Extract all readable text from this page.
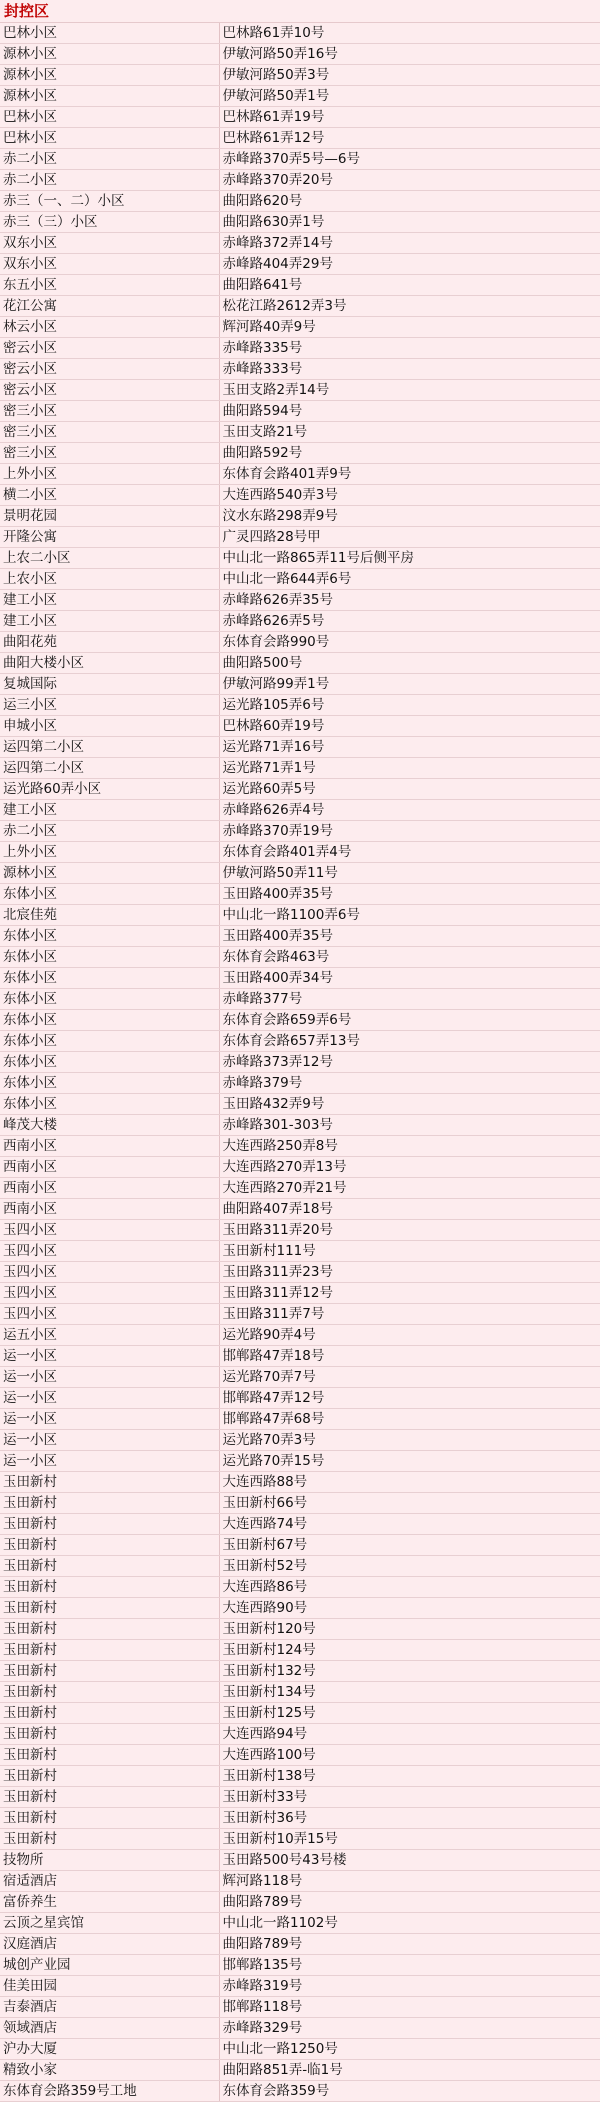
封控区
巴林小区	巴林路61弄10号
源林小区	伊敏河路50弄16号
源林小区	伊敏河路50弄3号
源林小区	伊敏河路50弄1号
巴林小区	巴林路61弄19号
巴林小区	巴林路61弄12号
赤二小区	赤峰路370弄5号—6号
赤二小区	赤峰路370弄20号
赤三（一、二）小区	曲阳路620号
赤三（三）小区	曲阳路630弄1号
双东小区	赤峰路372弄14号
双东小区	赤峰路404弄29号
东五小区	曲阳路641号
花江公寓	松花江路2612弄3号
林云小区	辉河路40弄9号
密云小区	赤峰路335号
密云小区	赤峰路333号
密云小区	玉田支路2弄14号
密三小区	曲阳路594号
密三小区	玉田支路21号
密三小区	曲阳路592号
上外小区	东体育会路401弄9号
横二小区	大连西路540弄3号
景明花园	汶水东路298弄9号
开隆公寓	广灵四路28号甲
上农二小区	中山北一路865弄11号后侧平房
上农小区	中山北一路644弄6号
建工小区	赤峰路626弄35号
建工小区	赤峰路626弄5号
曲阳花苑	东体育会路990号
曲阳大楼小区	曲阳路500号
复城国际	伊敏河路99弄1号
运三小区	运光路105弄6号
申城小区	巴林路60弄19号
运四第二小区	运光路71弄16号
运四第二小区	运光路71弄1号
运光路60弄小区	运光路60弄5号
建工小区	赤峰路626弄4号
赤二小区	赤峰路370弄19号
上外小区	东体育会路401弄4号
源林小区	伊敏河路50弄11号
东体小区	玉田路400弄35号
北宸佳苑	中山北一路1100弄6号
东体小区	玉田路400弄35号
东体小区	东体育会路463号
东体小区	玉田路400弄34号
东体小区	赤峰路377号
东体小区	东体育会路659弄6号
东体小区	东体育会路657弄13号
东体小区	赤峰路373弄12号
东体小区	赤峰路379号
东体小区	玉田路432弄9号
峰茂大楼	赤峰路301-303号
西南小区	大连西路250弄8号
西南小区	大连西路270弄13号
西南小区	大连西路270弄21号
西南小区	曲阳路407弄18号
玉四小区	玉田路311弄20号
玉四小区	玉田新村111号
玉四小区	玉田路311弄23号
玉四小区	玉田路311弄12号
玉四小区	玉田路311弄7号
运五小区	运光路90弄4号
运一小区	邯郸路47弄18号
运一小区	运光路70弄7号
运一小区	邯郸路47弄12号
运一小区	邯郸路47弄68号
运一小区	运光路70弄3号
运一小区	运光路70弄15号
玉田新村	大连西路88号
玉田新村	玉田新村66号
玉田新村	大连西路74号
玉田新村	玉田新村67号
玉田新村	玉田新村52号
玉田新村	大连西路86号
玉田新村	大连西路90号
玉田新村	玉田新村120号
玉田新村	玉田新村124号
玉田新村	玉田新村132号
玉田新村	玉田新村134号
玉田新村	玉田新村125号
玉田新村	大连西路94号
玉田新村	大连西路100号
玉田新村	玉田新村138号
玉田新村	玉田新村33号
玉田新村	玉田新村36号
玉田新村	玉田新村10弄15号
技物所	玉田路500号43号楼
宿适酒店	辉河路118号
富侨养生	曲阳路789号
云顶之星宾馆	中山北一路1102号
汉庭酒店	曲阳路789号
城创产业园	邯郸路135号
佳美田园	赤峰路319号
吉泰酒店	邯郸路118号
领域酒店	赤峰路329号
沪办大厦	中山北一路1250号
精致小家	曲阳路851弄-临1号
东体育会路359号工地	东体育会路359号
